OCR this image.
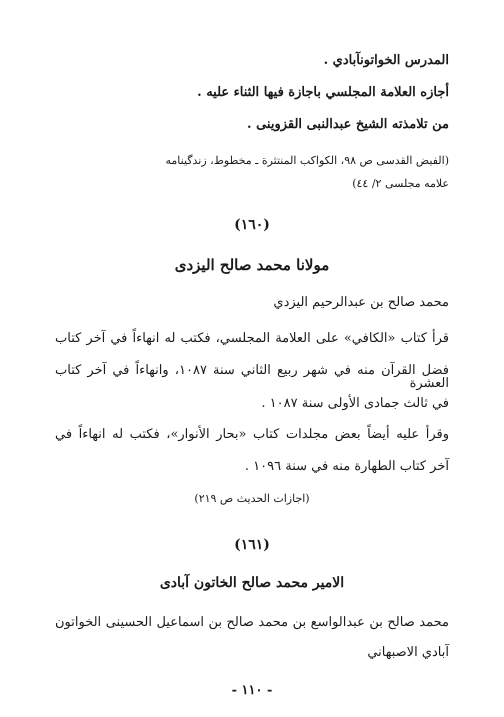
المدرس الخواتونآبادي .
أجازه العلامة المجلسي باجازة فيها الثناء عليه .
من تلامذته الشيخ عبدالنبى القزوينى .
(الفيض القدسى ص ٩٨، الكواكب المنتثرة ـ مخطوط، زندگينامه
علامه مجلسى ٢/ ٤٤)
(١٦٠)
مولانا محمد صالح اليزدى
محمد صالح بن عبدالرحيم اليزدي
قرأ كتاب «الكافي» على العلامة المجلسي، فكتب له انهاءاً في آخر كتاب
فضل القرآن منه في شهر ربيع الثاني سنة ١٠٨٧، وانهاءاً في آخر كتاب العشرة
في ثالث جمادى الأولى سنة ١٠٨٧ .
وقرأ عليه أيضاً بعض مجلدات كتاب «بحار الأنوار»، فكتب له انهاءاً في
آخر كتاب الطهارة منه في سنة ١٠٩٦ .
(اجازات الحديث ص ٢١٩)
(١٦١)
الامير محمد صالح الخاتون آبادى
محمد صالح بن عبدالواسع بن محمد صالح بن اسماعيل الحسينى الخواتون
آبادي الاصبهاني
- ١١٠ -
